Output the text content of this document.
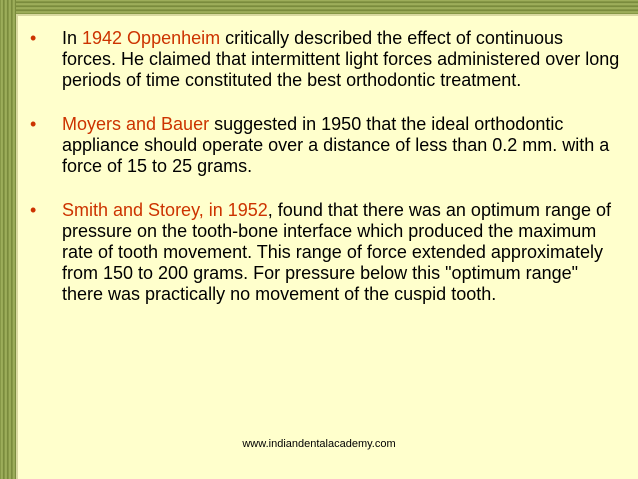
• In 1942 Oppenheim critically described the effect of continuous forces. He claimed that intermittent light forces administered over long periods of time constituted the best orthodontic treatment.
• Moyers and Bauer suggested in 1950 that the ideal orthodontic appliance should operate over a distance of less than 0.2 mm. with a force of 15 to 25 grams.
• Smith and Storey, in 1952, found that there was an optimum range of pressure on the tooth-bone interface which produced the maximum rate of tooth movement. This range of force extended approximately from 150 to 200 grams. For pressure below this "optimum range" there was practically no movement of the cuspid tooth.
www.indiandentalacademy.com
